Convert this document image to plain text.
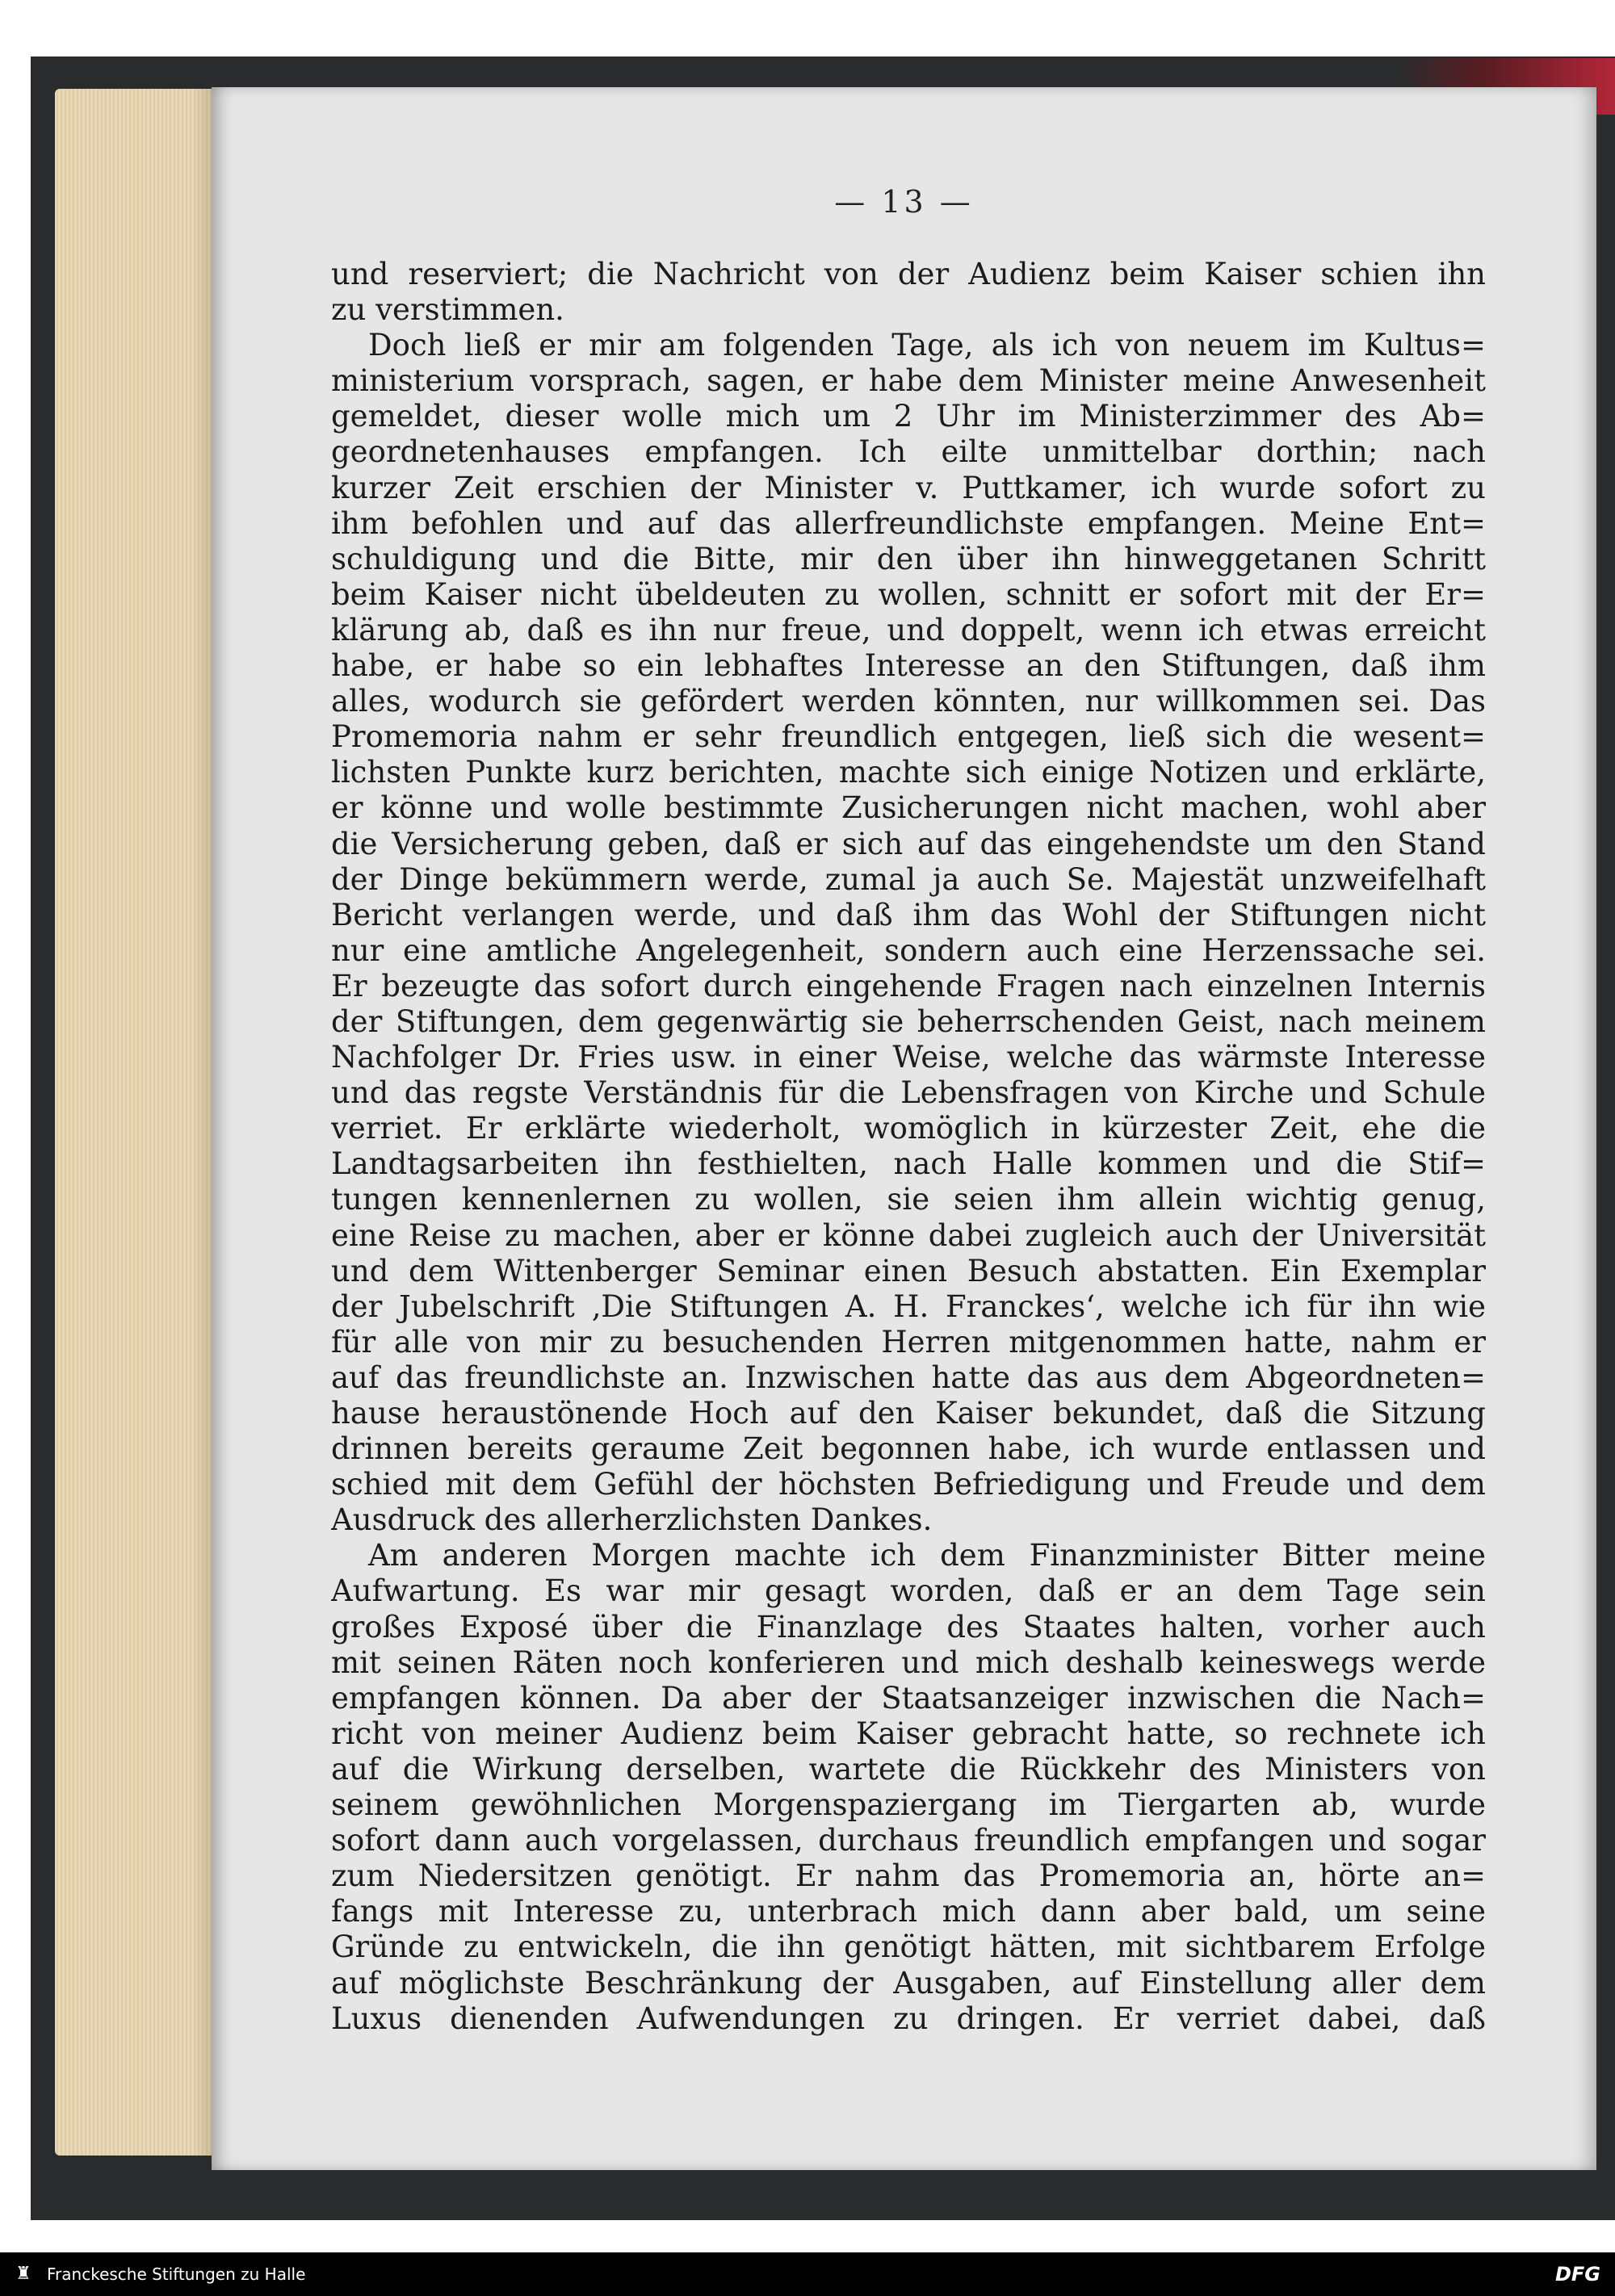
— 13 —
und reserviert; die Nachricht von der Audienz beim Kaiser schien ihn
zu verstimmen.
Doch ließ er mir am folgenden Tage, als ich von neuem im Kultus=
ministerium vorsprach, sagen, er habe dem Minister meine Anwesenheit
gemeldet, dieser wolle mich um 2 Uhr im Ministerzimmer des Ab=
geordnetenhauses empfangen. Ich eilte unmittelbar dorthin; nach
kurzer Zeit erschien der Minister v. Puttkamer, ich wurde sofort zu
ihm befohlen und auf das allerfreundlichste empfangen. Meine Ent=
schuldigung und die Bitte, mir den über ihn hinweggetanen Schritt
beim Kaiser nicht übeldeuten zu wollen, schnitt er sofort mit der Er=
klärung ab, daß es ihn nur freue, und doppelt, wenn ich etwas erreicht
habe, er habe so ein lebhaftes Interesse an den Stiftungen, daß ihm
alles, wodurch sie gefördert werden könnten, nur willkommen sei. Das
Promemoria nahm er sehr freundlich entgegen, ließ sich die wesent=
lichsten Punkte kurz berichten, machte sich einige Notizen und erklärte,
er könne und wolle bestimmte Zusicherungen nicht machen, wohl aber
die Versicherung geben, daß er sich auf das eingehendste um den Stand
der Dinge bekümmern werde, zumal ja auch Se. Majestät unzweifelhaft
Bericht verlangen werde, und daß ihm das Wohl der Stiftungen nicht
nur eine amtliche Angelegenheit, sondern auch eine Herzenssache sei.
Er bezeugte das sofort durch eingehende Fragen nach einzelnen Internis
der Stiftungen, dem gegenwärtig sie beherrschenden Geist, nach meinem
Nachfolger Dr. Fries usw. in einer Weise, welche das wärmste Interesse
und das regste Verständnis für die Lebensfragen von Kirche und Schule
verriet. Er erklärte wiederholt, womöglich in kürzester Zeit, ehe die
Landtagsarbeiten ihn festhielten, nach Halle kommen und die Stif=
tungen kennenlernen zu wollen, sie seien ihm allein wichtig genug,
eine Reise zu machen, aber er könne dabei zugleich auch der Universität
und dem Wittenberger Seminar einen Besuch abstatten. Ein Exemplar
der Jubelschrift ‚Die Stiftungen A. H. Franckes‘, welche ich für ihn wie
für alle von mir zu besuchenden Herren mitgenommen hatte, nahm er
auf das freundlichste an. Inzwischen hatte das aus dem Abgeordneten=
hause heraustönende Hoch auf den Kaiser bekundet, daß die Sitzung
drinnen bereits geraume Zeit begonnen habe, ich wurde entlassen und
schied mit dem Gefühl der höchsten Befriedigung und Freude und dem
Ausdruck des allerherzlichsten Dankes.
Am anderen Morgen machte ich dem Finanzminister Bitter meine
Aufwartung. Es war mir gesagt worden, daß er an dem Tage sein
großes Exposé über die Finanzlage des Staates halten, vorher auch
mit seinen Räten noch konferieren und mich deshalb keineswegs werde
empfangen können. Da aber der Staatsanzeiger inzwischen die Nach=
richt von meiner Audienz beim Kaiser gebracht hatte, so rechnete ich
auf die Wirkung derselben, wartete die Rückkehr des Ministers von
seinem gewöhnlichen Morgenspaziergang im Tiergarten ab, wurde
sofort dann auch vorgelassen, durchaus freundlich empfangen und sogar
zum Niedersitzen genötigt. Er nahm das Promemoria an, hörte an=
fangs mit Interesse zu, unterbrach mich dann aber bald, um seine
Gründe zu entwickeln, die ihn genötigt hätten, mit sichtbarem Erfolge
auf möglichste Beschränkung der Ausgaben, auf Einstellung aller dem
Luxus dienenden Aufwendungen zu dringen. Er verriet dabei, daß
♜ Franckesche Stiftungen zu Halle	DFG
